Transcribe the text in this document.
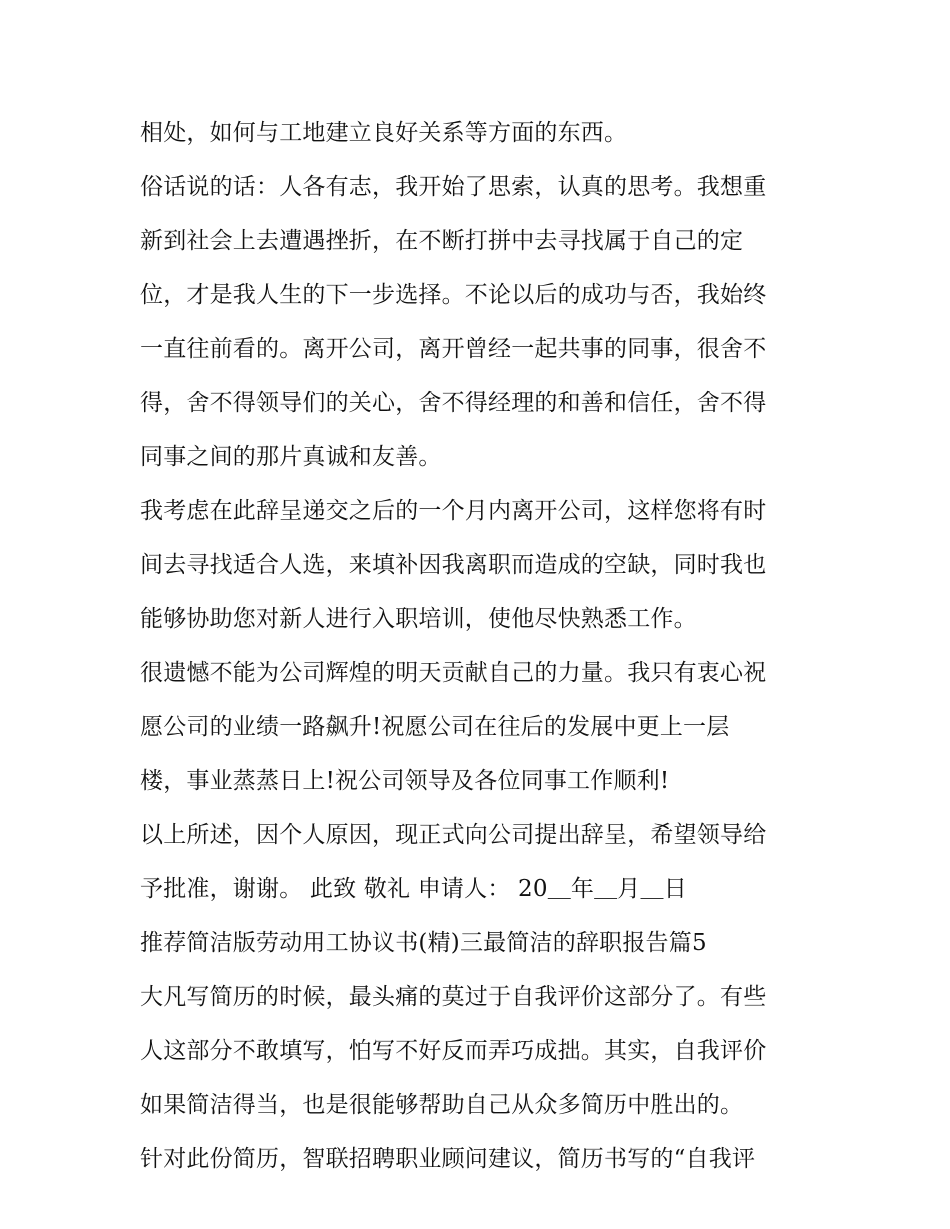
相处，如何与工地建立良好关系等方面的东西。
俗话说的话：人各有志，我开始了思索，认真的思考。我想重
新到社会上去遭遇挫折，在不断打拼中去寻找属于自己的定
位，才是我人生的下一步选择。不论以后的成功与否，我始终
一直往前看的。离开公司，离开曾经一起共事的同事，很舍不
得，舍不得领导们的关心，舍不得经理的和善和信任，舍不得
同事之间的那片真诚和友善。
我考虑在此辞呈递交之后的一个月内离开公司，这样您将有时
间去寻找适合人选，来填补因我离职而造成的空缺，同时我也
能够协助您对新人进行入职培训，使他尽快熟悉工作。
很遗憾不能为公司辉煌的明天贡献自己的力量。我只有衷心祝
愿公司的业绩一路飙升!祝愿公司在往后的发展中更上一层
楼，事业蒸蒸日上!祝公司领导及各位同事工作顺利!
以上所述，因个人原因，现正式向公司提出辞呈，希望领导给
予批准，谢谢。 此致 敬礼 申请人： 20＿年＿月＿日
推荐简洁版劳动用工协议书(精)三最简洁的辞职报告篇5
大凡写简历的时候，最头痛的莫过于自我评价这部分了。有些
人这部分不敢填写，怕写不好反而弄巧成拙。其实，自我评价
如果简洁得当，也是很能够帮助自己从众多简历中胜出的。
针对此份简历，智联招聘职业顾问建议，简历书写的“自我评
